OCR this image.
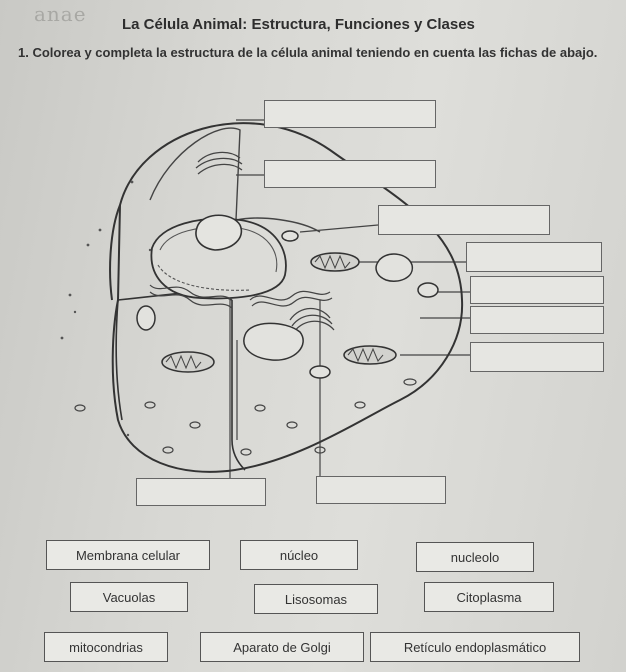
anae La Célula Animal: Estructura, Funciones y Clases
1. Colorea y completa la estructura de la célula animal teniendo en cuenta las fichas de abajo.
Membrana celular	núcleo	nucleolo
Vacuolas	Lisosomas	Citoplasma
mitocondrias	Aparato de Golgi	Retículo endoplasmático
